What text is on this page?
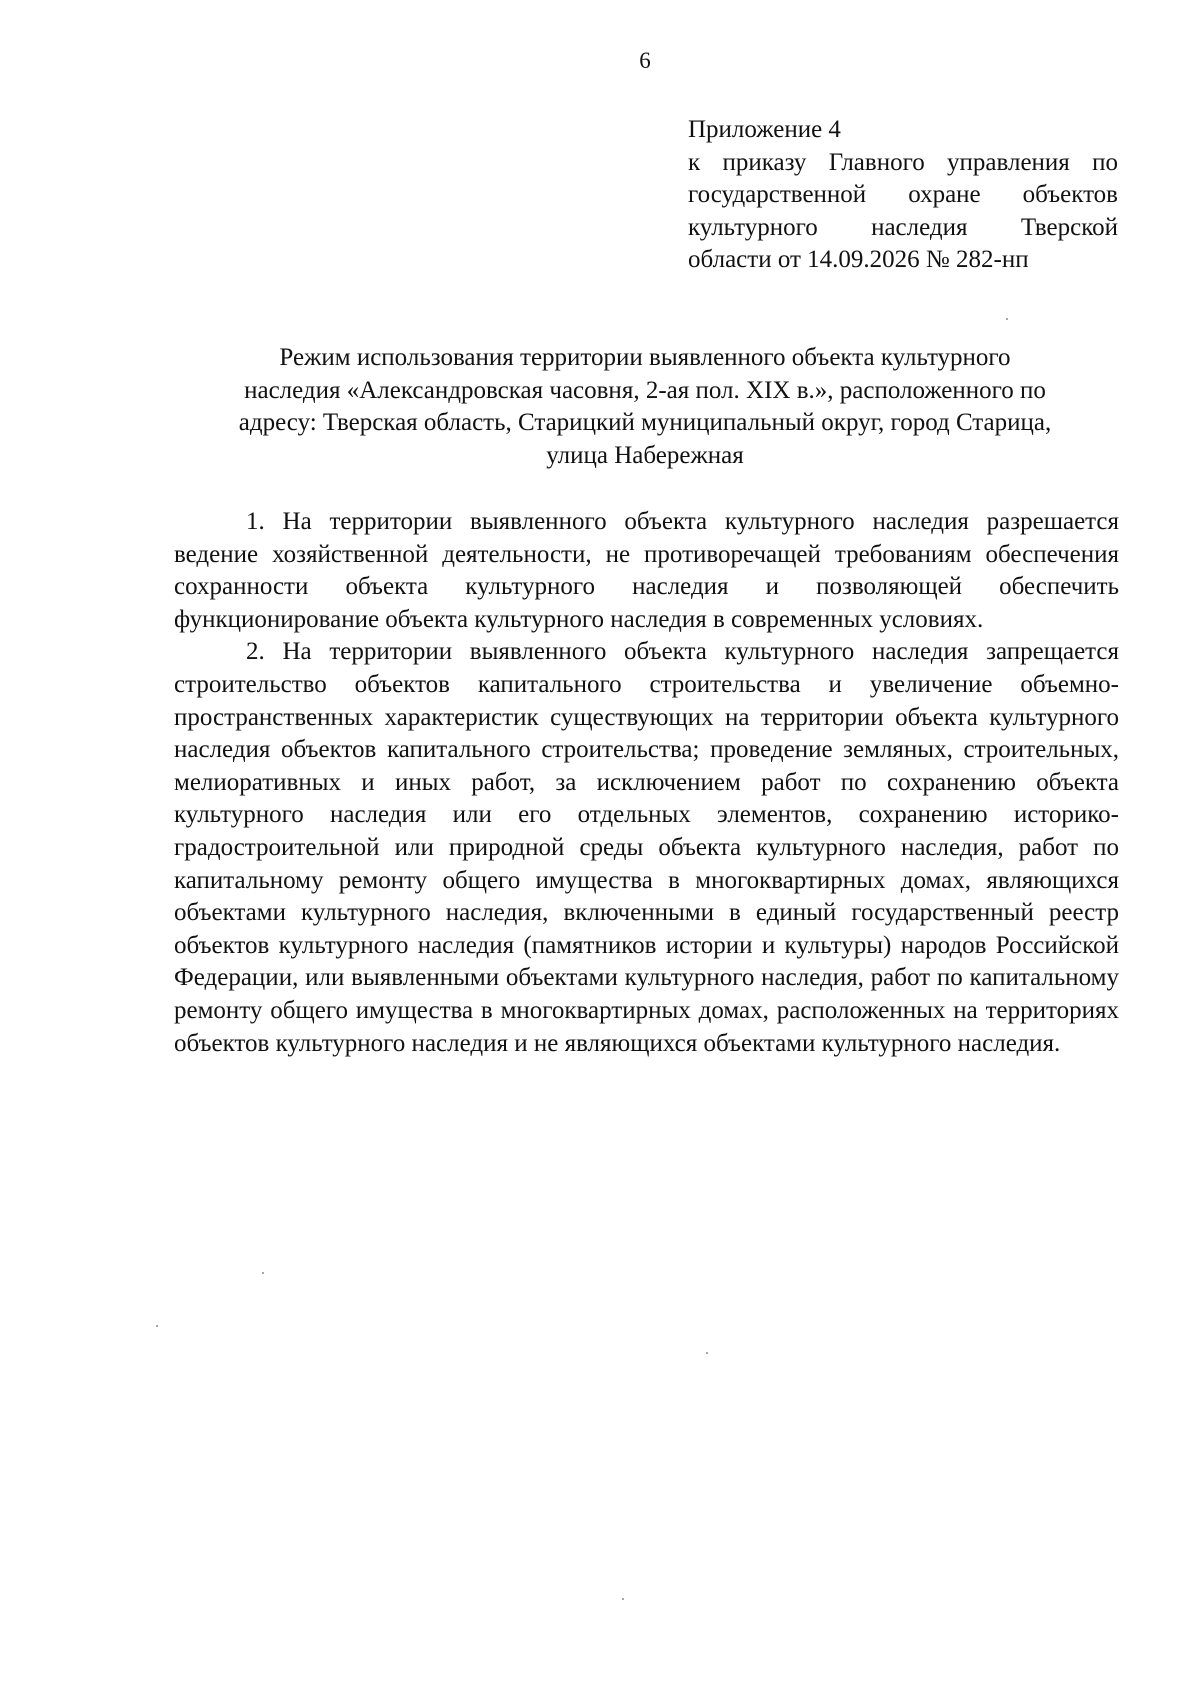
6
Приложение 4
к приказу Главного управления по
государственной охране объектов
культурного наследия Тверской
области от 14.09.2026 № 282-нп
Режим использования территории выявленного объекта культурного
наследия «Александровская часовня, 2-ая пол. XIX в.», расположенного по
адресу: Тверская область, Старицкий муниципальный округ, город Старица,
улица Набережная

1. На территории выявленного объекта культурного наследия разрешается ведение хозяйственной деятельности, не противоречащей требованиям обеспечения сохранности объекта культурного наследия и позволяющей обеспечить функционирование объекта культурного наследия в современных условиях.

2. На территории выявленного объекта культурного наследия запрещается строительство объектов капитального строительства и увеличение объемно-пространственных характеристик существующих на территории объекта культурного наследия объектов капитального строительства; проведение земляных, строительных, мелиоративных и иных работ, за исключением работ по сохранению объекта культурного наследия или его отдельных элементов, сохранению историко-градостроительной или природной среды объекта культурного наследия, работ по капитальному ремонту общего имущества в многоквартирных домах, являющихся объектами культурного наследия, включенными в единый государственный реестр объектов культурного наследия (памятников истории и культуры) народов Российской Федерации, или выявленными объектами культурного наследия, работ по капитальному ремонту общего имущества в многоквартирных домах, расположенных на территориях объектов культурного наследия и не являющихся объектами культурного наследия.
